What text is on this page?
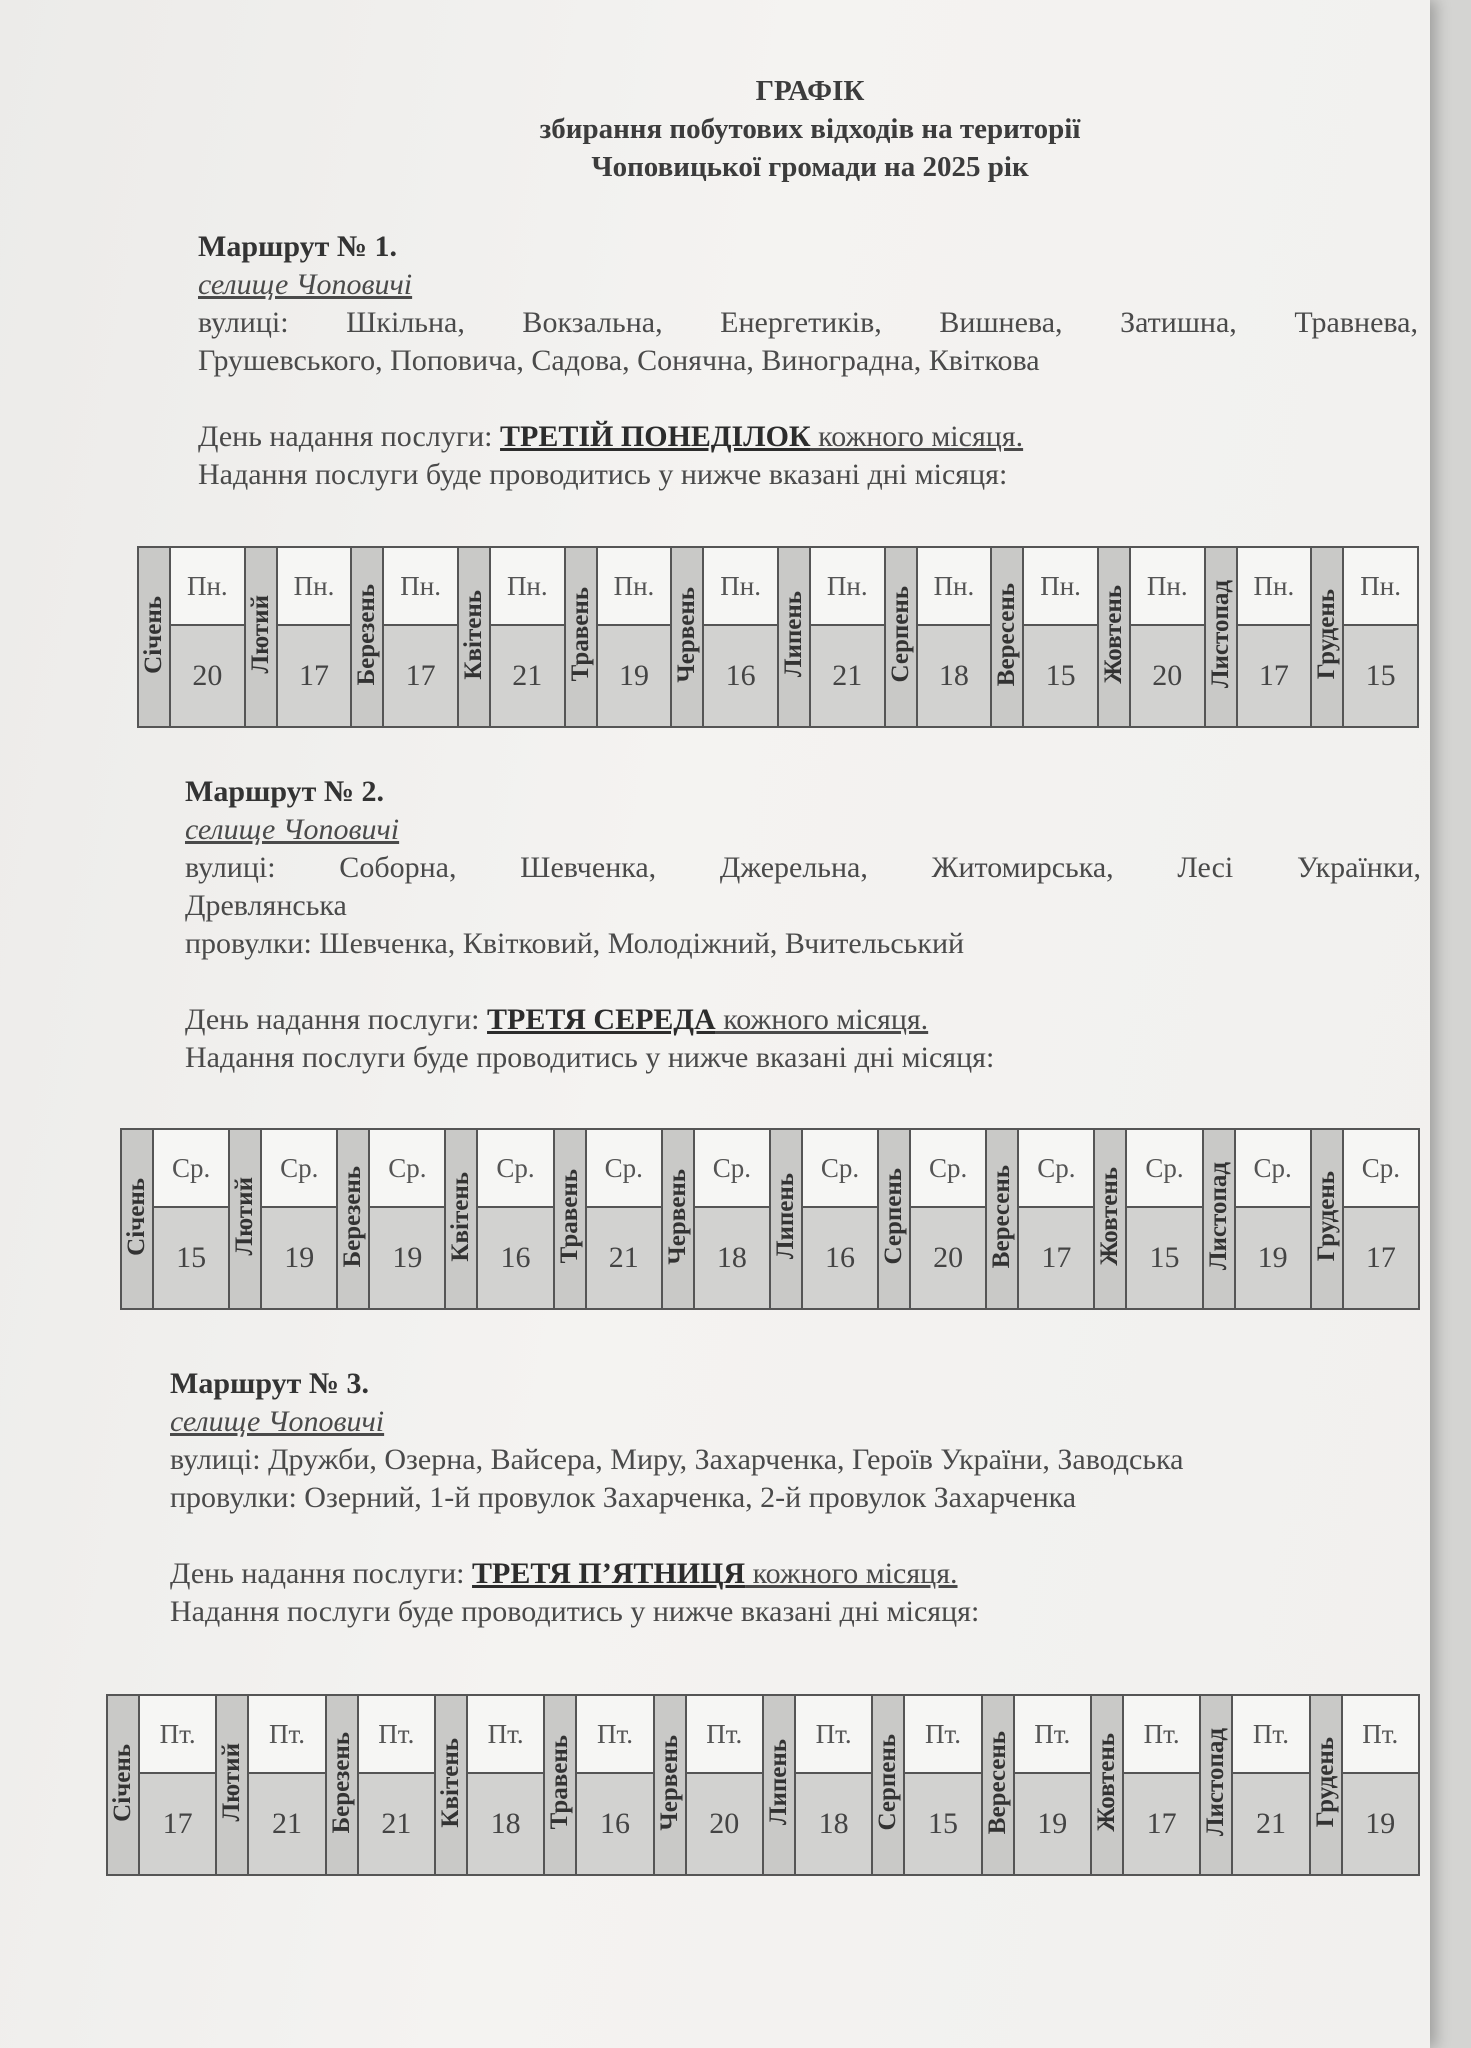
ГРАФІК
збирання побутових відходів на території
Чоповицької громади на 2025 рік
Маршрут № 1.
селище Чоповичі
вулиці: Шкільна, Вокзальна, Енергетиків, Вишнева, Затишна, Травнева,
Грушевського, Поповича, Садова, Сонячна, Виноградна, Квіткова
День надання послуги: ТРЕТІЙ ПОНЕДІЛОК кожного місяця.
Надання послуги буде проводитись у нижче вказані дні місяця:
Січень	Пн.	Лютий	Пн.	Березень	Пн.	Квітень	Пн.	Травень	Пн.	Червень	Пн.	Липень	Пн.	Серпень	Пн.	Вересень	Пн.	Жовтень	Пн.	Листопад	Пн.	Грудень	Пн.
	20		17		17		21		19		16		21		18		15		20		17		15
Маршрут № 2.
селище Чоповичі
вулиці: Соборна, Шевченка, Джерельна, Житомирська, Лесі Українки,
Древлянська
провулки: Шевченка, Квітковий, Молодіжний, Вчительський
День надання послуги: ТРЕТЯ СЕРЕДА кожного місяця.
Надання послуги буде проводитись у нижче вказані дні місяця:
Січень	Ср.	Лютий	Ср.	Березень	Ср.	Квітень	Ср.	Травень	Ср.	Червень	Ср.	Липень	Ср.	Серпень	Ср.	Вересень	Ср.	Жовтень	Ср.	Листопад	Ср.	Грудень	Ср.
	15		19		19		16		21		18		16		20		17		15		19		17
Маршрут № 3.
селище Чоповичі
вулиці: Дружби, Озерна, Вайсера, Миру, Захарченка, Героїв України, Заводська
провулки: Озерний, 1-й провулок Захарченка, 2-й провулок Захарченка
День надання послуги: ТРЕТЯ П’ЯТНИЦЯ кожного місяця.
Надання послуги буде проводитись у нижче вказані дні місяця:
Січень	Пт.	Лютий	Пт.	Березень	Пт.	Квітень	Пт.	Травень	Пт.	Червень	Пт.	Липень	Пт.	Серпень	Пт.	Вересень	Пт.	Жовтень	Пт.	Листопад	Пт.	Грудень	Пт.
	17		21		21		18		16		20		18		15		19		17		21		19
